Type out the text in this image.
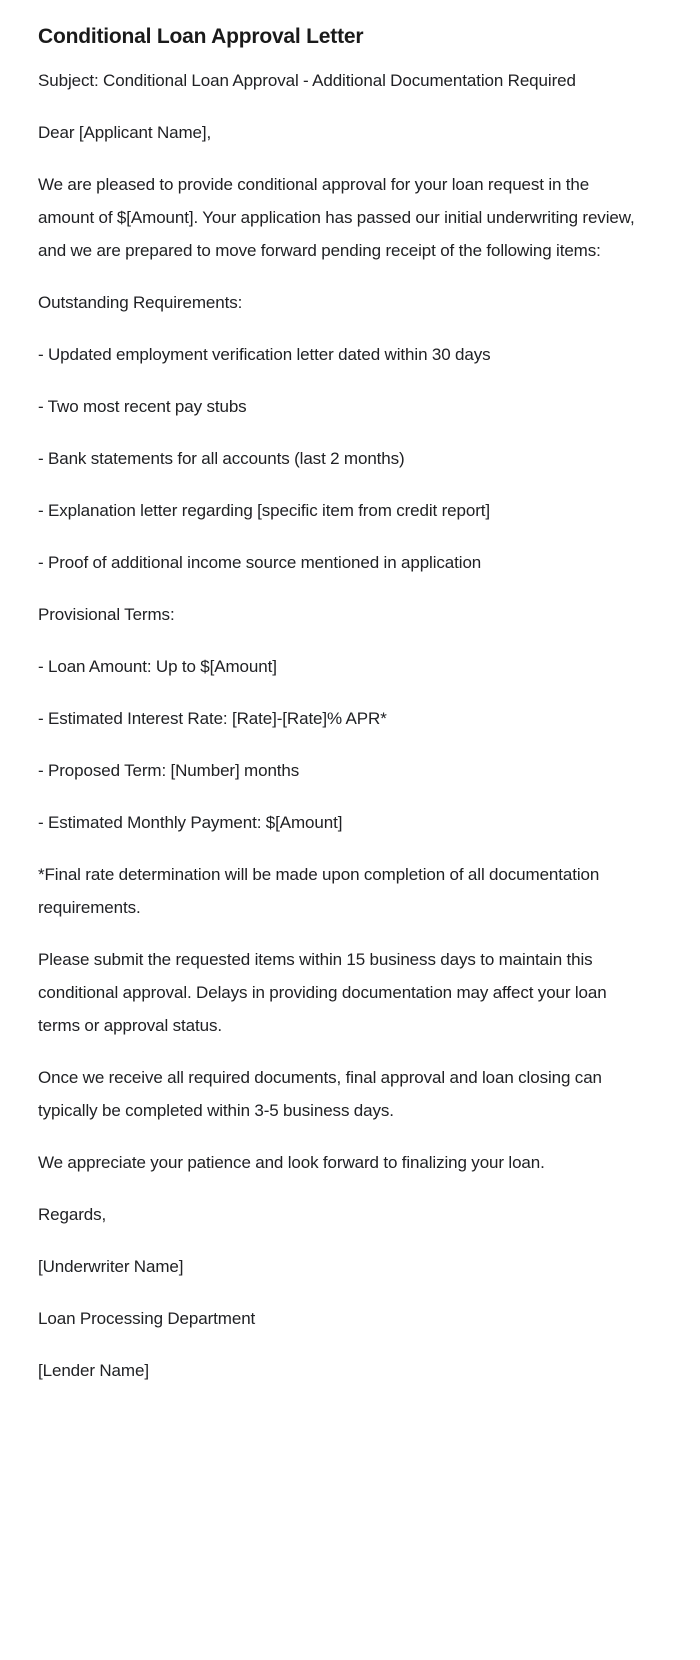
Conditional Loan Approval Letter

Subject: Conditional Loan Approval - Additional Documentation Required

Dear [Applicant Name],

We are pleased to provide conditional approval for your loan request in the amount of $[Amount]. Your application has passed our initial underwriting review, and we are prepared to move forward pending receipt of the following items:

Outstanding Requirements:

- Updated employment verification letter dated within 30 days

- Two most recent pay stubs

- Bank statements for all accounts (last 2 months)

- Explanation letter regarding [specific item from credit report]

- Proof of additional income source mentioned in application

Provisional Terms:

- Loan Amount: Up to $[Amount]

- Estimated Interest Rate: [Rate]-[Rate]% APR*

- Proposed Term: [Number] months

- Estimated Monthly Payment: $[Amount]

*Final rate determination will be made upon completion of all documentation requirements.

Please submit the requested items within 15 business days to maintain this conditional approval. Delays in providing documentation may affect your loan terms or approval status.

Once we receive all required documents, final approval and loan closing can typically be completed within 3-5 business days.

We appreciate your patience and look forward to finalizing your loan.

Regards,

[Underwriter Name]

Loan Processing Department

[Lender Name]
